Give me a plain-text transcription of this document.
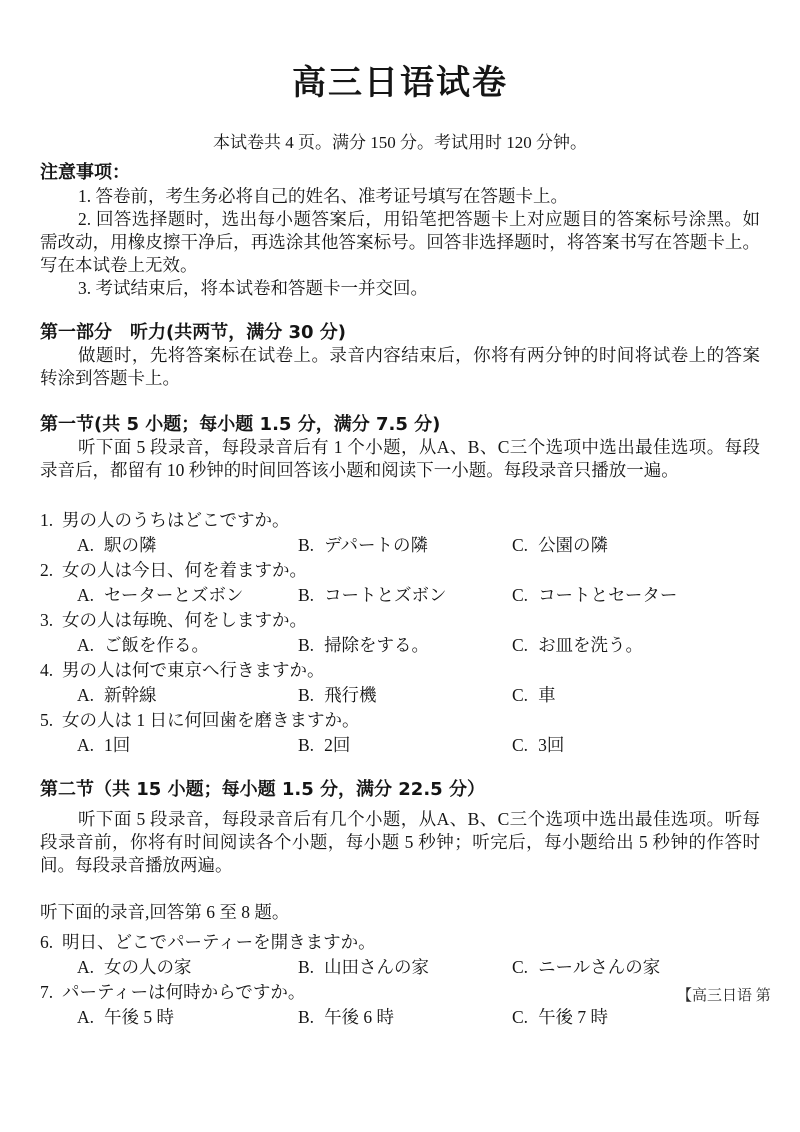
高三日语试卷
本试卷共 4 页。满分 150 分。考试用时 120 分钟。
注意事项：

1. 答卷前，考生务必将自己的姓名、准考证号填写在答题卡上。

2. 回答选择题时，选出每小题答案后，用铅笔把答题卡上对应题目的答案标号涂黑。如需改动，用橡皮擦干净后，再选涂其他答案标号。回答非选择题时，将答案书写在答题卡上。写在本试卷上无效。

3. 考试结束后，将本试卷和答题卡一并交回。

第一部分　听力(共两节，满分 30 分)

做题时，先将答案标在试卷上。录音内容结束后，你将有两分钟的时间将试卷上的答案转涂到答题卡上。

第一节(共 5 小题；每小题 1.5 分，满分 7.5 分)

听下面 5 段录音，每段录音后有 1 个小题，从A、B、C三个选项中选出最佳选项。每段录音后，都留有 10 秒钟的时间回答该小题和阅读下一小题。每段录音只播放一遍。

1. 男の人のうちはどこですか。
A. 駅の隣	B. デパートの隣	C. 公園の隣
2. 女の人は今日、何を着ますか。
A. セーターとズボン	B. コートとズボン	C. コートとセーター
3. 女の人は毎晩、何をしますか。
A. ご飯を作る。	B. 掃除をする。	C. お皿を洗う。
4. 男の人は何で東京へ行きますか。
A. 新幹線	B. 飛行機	C. 車
5. 女の人は 1 日に何回歯を磨きますか。
A. 1回	B. 2回	C. 3回
第二节（共 15 小题；每小题 1.5 分，满分 22.5 分）

听下面 5 段录音，每段录音后有几个小题，从A、B、C三个选项中选出最佳选项。听每段录音前，你将有时间阅读各个小题，每小题 5 秒钟；听完后，每小题给出 5 秒钟的作答时间。每段录音播放两遍。

听下面的录音,回答第 6 至 8 题。
6. 明日、どこでパーティーを開きますか。
A. 女の人の家	B. 山田さんの家	C. ニールさんの家
7. パーティーは何時からですか。
A. 午後 5 時	B. 午後 6 時	C. 午後 7 時
【高三日语 第
